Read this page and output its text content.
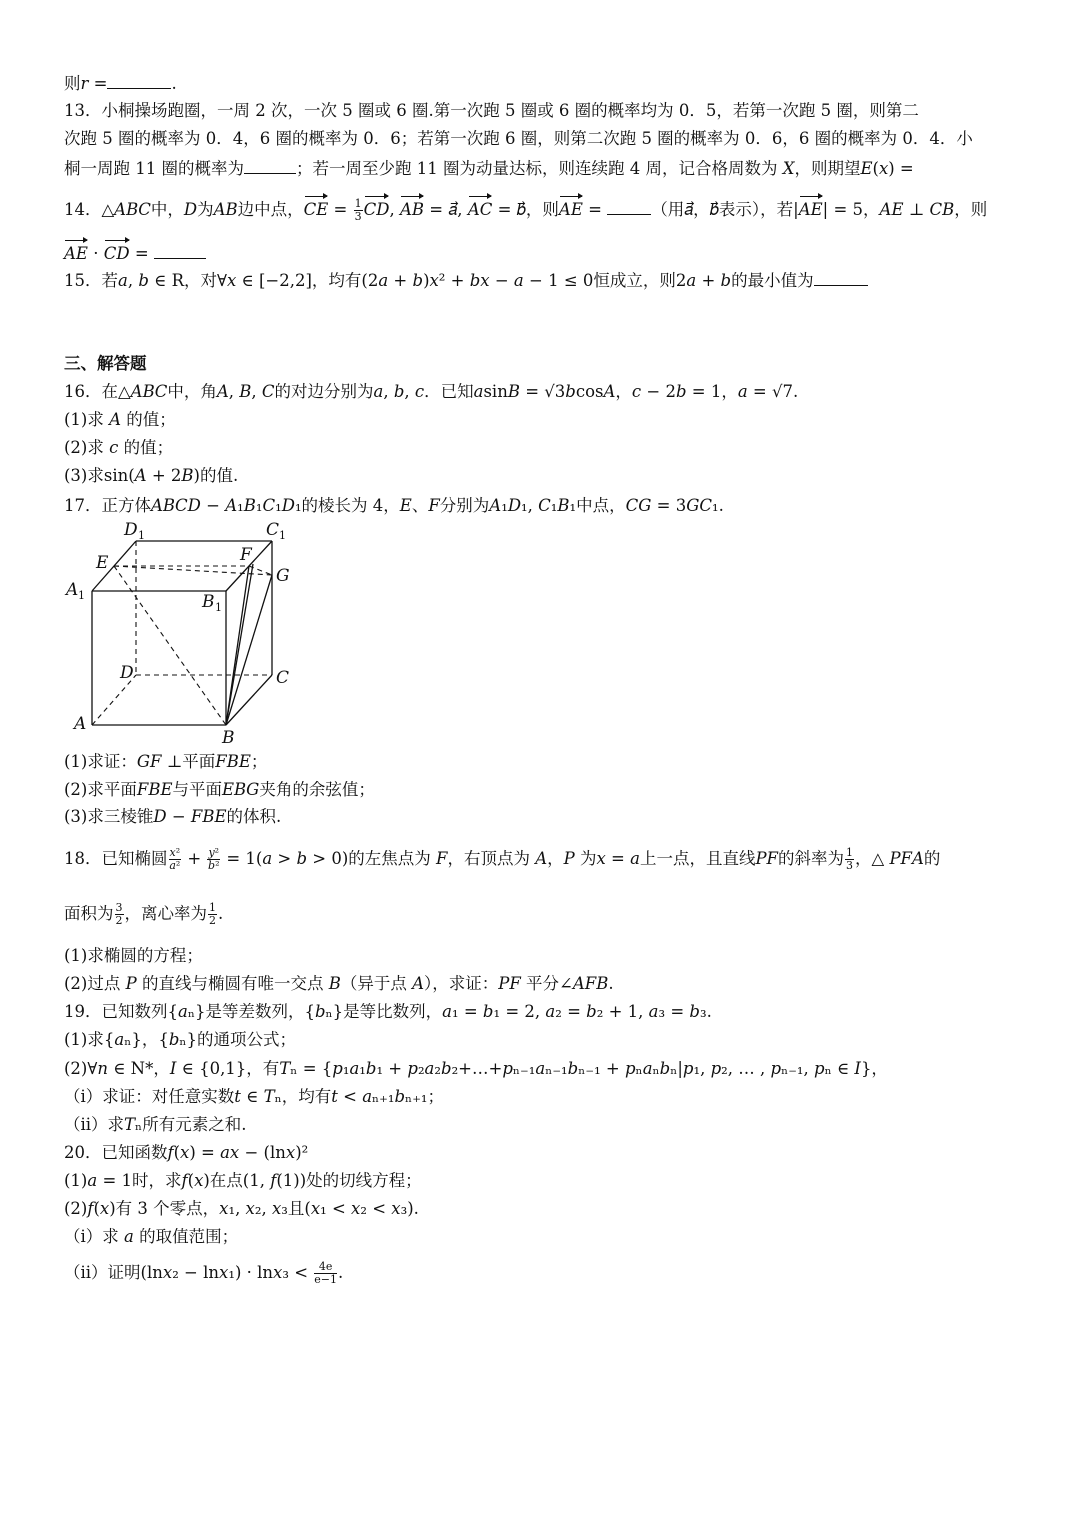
则𝑟 =	.
13．小桐操场跑圈，一周 2 次，一次 5 圈或 6 圈.第一次跑 5 圈或 6 圈的概率均为 0．5，若第一次跑 5 圈，则第二
次跑 5 圈的概率为 0．4，6 圈的概率为 0．6；若第一次跑 6 圈，则第二次跑 5 圈的概率为 0．6，6 圈的概率为 0．4．小
桐一周跑 11 圈的概率为	；若一周至少跑 11 圈为动量达标，则连续跑 4 周，记合格周数为 𝑋，则期望𝐸(𝑥) =
14．△𝐴𝐵𝐶中，𝐷为𝐴𝐵边中点，CE = $\frac{1}{3}$ CD, AB = 𝑎⃗, AC = 𝑏⃗，则AE =	（用𝑎⃗，𝑏⃗表示），若|AE| = 5，𝐴𝐸 ⊥ 𝐶𝐵，则
AE · CD =
15．若𝑎, 𝑏 ∈ R，对∀𝑥 ∈ [−2,2]，均有(2𝑎 + 𝑏)𝑥² + 𝑏𝑥 − 𝑎 − 1 ≤ 0恒成立，则2𝑎 + 𝑏的最小值为
三、解答题
16．在△𝐴𝐵𝐶中，角𝐴, 𝐵, 𝐶的对边分别为𝑎, 𝑏, 𝑐．已知𝑎sin𝐵 = √3𝑏cos𝐴，𝑐 − 2𝑏 = 1，𝑎 = √7.
(1)求 𝐴 的值；
(2)求 𝑐 的值；
(3)求sin(𝐴 + 2𝐵)的值.
17．正方体𝐴𝐵𝐶𝐷 − 𝐴₁𝐵₁𝐶₁𝐷₁的棱长为 4，𝐸、𝐹分别为𝐴₁𝐷₁, 𝐶₁𝐵₁中点，𝐶𝐺 = 3𝐺𝐶₁.
(1)求证：𝐺𝐹 ⊥平面𝐹𝐵𝐸；
(2)求平面𝐹𝐵𝐸与平面𝐸𝐵𝐺夹角的余弦值；
(3)求三棱锥𝐷 − 𝐹𝐵𝐸的体积.
18．已知椭圆 $\frac{\text{𝑥²}}{\text{𝑎²}} + \frac{\text{𝑦²}}{\text{𝑏²}}$ = 1(𝑎 > 𝑏 > 0)的左焦点为 𝐹，右顶点为 𝐴，𝑃 为𝑥 = 𝑎上一点，且直线𝑃𝐹的斜率为 $\frac{1}{3}$ ，△ 𝑃𝐹𝐴的
面积为 $\frac{3}{2}$ ，离心率为 $\frac{1}{2}$ .
(1)求椭圆的方程；
(2)过点 𝑃 的直线与椭圆有唯一交点 𝐵（异于点 𝐴），求证：𝑃𝐹 平分∠𝐴𝐹𝐵.
19．已知数列{𝑎ₙ}是等差数列，{𝑏ₙ}是等比数列，𝑎₁ = 𝑏₁ = 2, 𝑎₂ = 𝑏₂ + 1, 𝑎₃ = 𝑏₃.
(1)求{𝑎ₙ}，{𝑏ₙ}的通项公式；
(2)∀𝑛 ∈ N*，𝐼 ∈ {0,1}，有𝑇ₙ = {𝑝₁𝑎₁𝑏₁ + 𝑝₂𝑎₂𝑏₂+…+𝑝ₙ₋₁𝑎ₙ₋₁𝑏ₙ₋₁ + 𝑝ₙ𝑎ₙ𝑏ₙ|𝑝₁, 𝑝₂, … , 𝑝ₙ₋₁, 𝑝ₙ ∈ 𝐼}，
（i）求证：对任意实数𝑡 ∈ 𝑇ₙ，均有𝑡 < 𝑎ₙ₊₁𝑏ₙ₊₁；
（ii）求𝑇ₙ所有元素之和.
20．已知函数𝑓(𝑥) = 𝑎𝑥 − (ln𝑥)²
(1)𝑎 = 1时，求𝑓(𝑥)在点(1, 𝑓(1))处的切线方程；
(2)𝑓(𝑥)有 3 个零点，𝑥₁, 𝑥₂, 𝑥₃且(𝑥₁ < 𝑥₂ < 𝑥₃).
（i）求 𝑎 的取值范围；
（ii）证明(ln𝑥₂ − ln𝑥₁) · ln𝑥₃ < $\frac{4e}{e-1}$ .
D 1	C 1
E	F
G
A 1	B 1
D	C
A
B
